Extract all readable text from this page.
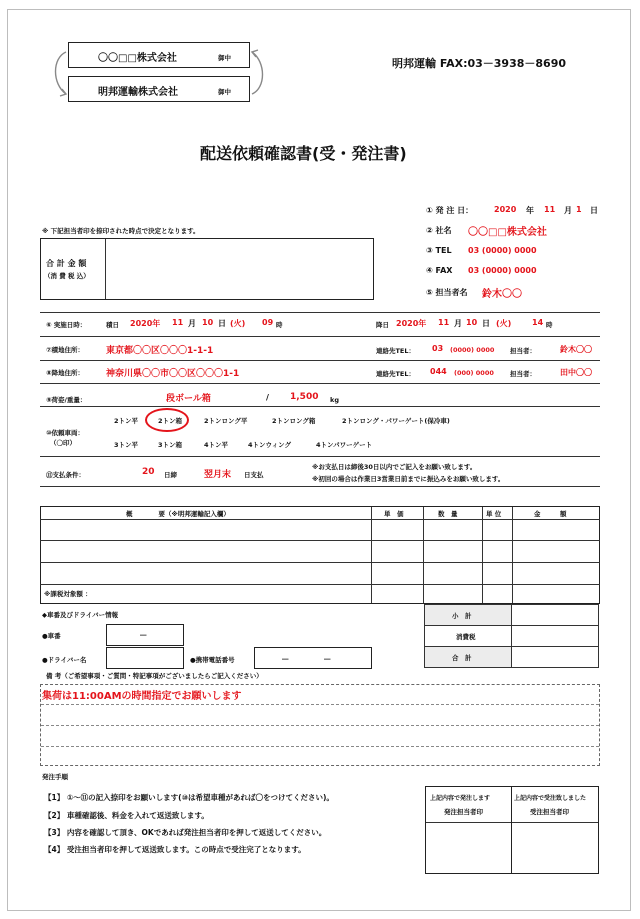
〇〇□□株式会社	御中
明邦運輸株式会社	御中
明邦運輸 FAX:03－3938－8690
配送依頼確認書(受・発注書)
※ 下記担当者印を捺印された時点で決定となります。
① 発 注 日：	2020 年 11 月 1 日
② 社名 〇〇□□株式会社
③ TEL 03 (0000) 0000
④ FAX 03 (0000) 0000
⑤ 担当者名 鈴木〇〇
合 計 金 額
（消 費 税 込）
⑥ 実施日時：	積日 2020年 11 月 10 日 (火) 09 時	降日 2020年 11 月 10 日 (火)	14 時
⑦積地住所： 東京都〇〇区〇〇〇1-1-1	連絡先TEL： 03 (0000) 0000 担当者：	鈴木〇〇
⑧降地住所： 神奈川県〇〇市〇〇区〇〇〇1-1	連絡先TEL： 044 (000) 0000 担当者：	田中〇〇
⑨荷姿/重量：	段ボール箱	/ 1,500 kg
⑩依頼車両：
（〇印）
2トン平	2トン箱	2トンロング平	2トンロング箱	2トンロング・パワーゲート(保冷車)
3トン平	3トン箱	4トン平	4トンウィング	4トンパワーゲート
⑪支払条件：	20 日締	翌月末 日支払
※お支払日は締後30日以内でご記入をお願い致します。
※初回の場合は作業日3営業日前までに振込みをお願い致します。
概　　　　要（※明邦運輸記入欄）	単　価	数　量	単 位	金　　　額
※課税対象額 ：
◆車番及びドライバー情報
●車番	―
●ドライバー名	●携帯電話番号	―	―
小　計
消費税
合　計
備 考（ご希望事項・ご質問・特記事項がございましたらご記入ください）
集荷は11:00AMの時間指定でお願いします
発注手順
【1】 ①～⑪の記入捺印をお願いします(⑩は希望車種があれば〇をつけてください)。
【2】 車種確認後、料金を入れて返送致します。
【3】 内容を確認して頂き、OKであれば発注担当者印を押して返送してください。
【4】 受注担当者印を押して返送致します。この時点で受注完了となります。
上記内容で発注します
発注担当者印
上記内容で受注致しました
受注担当者印
